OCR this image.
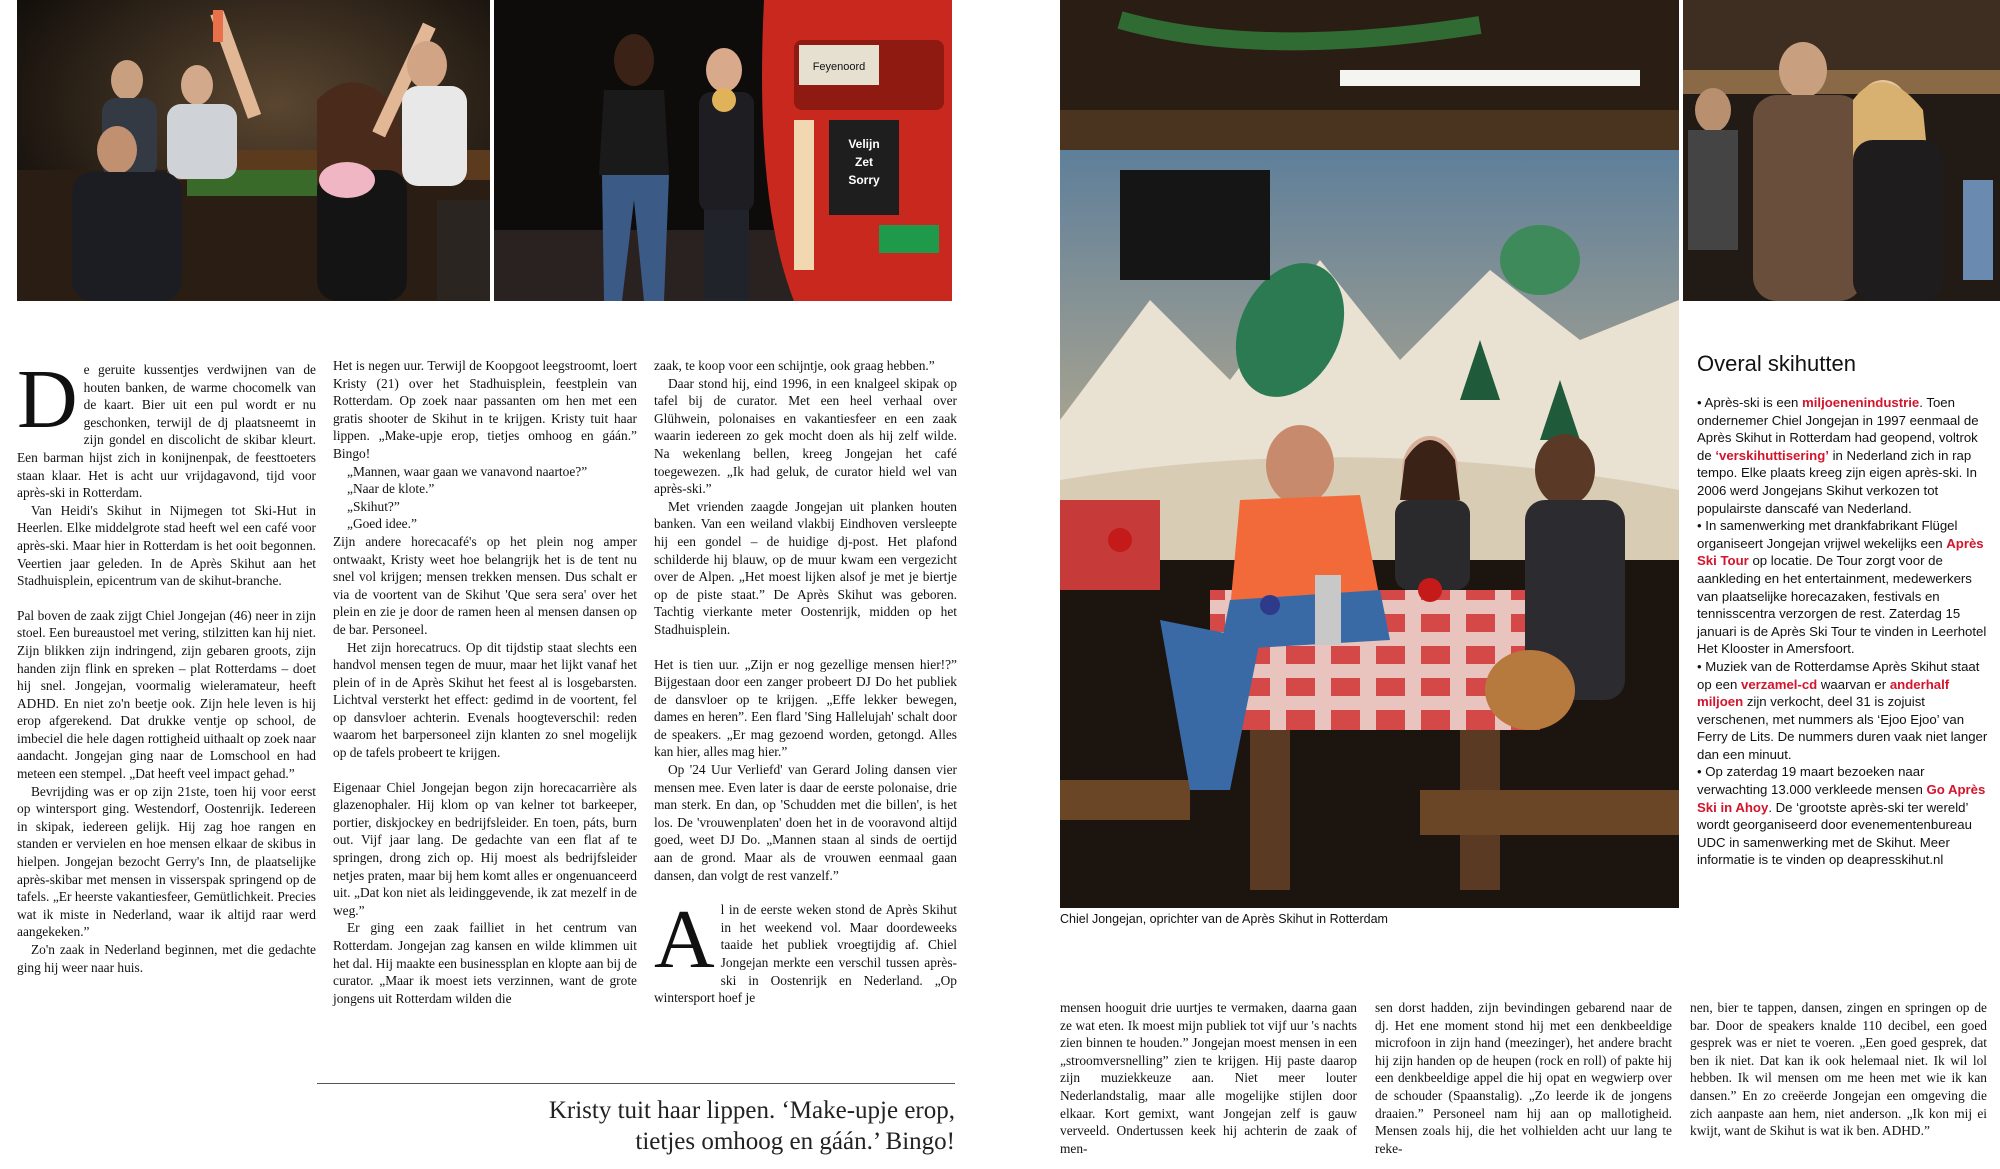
Feyenoord
Velijn
Zet
Sorry

De geruite kussentjes verdwijnen van de houten banken, de warme chocomelk van de kaart. Bier uit een pul wordt er nu geschonken, terwijl de dj plaatsneemt in zijn gondel en discolicht de skibar kleurt. Een barman hijst zich in konijnenpak, de feesttoeters staan klaar. Het is acht uur vrijdagavond, tijd voor après-ski in Rotterdam.

Van Heidi's Skihut in Nijmegen tot Ski-Hut in Heerlen. Elke middelgrote stad heeft wel een café voor après-ski. Maar hier in Rotterdam is het ooit begonnen. Veertien jaar geleden. In de Après Skihut aan het Stadhuisplein, epicentrum van de skihut-branche.

Pal boven de zaak zijgt Chiel Jongejan (46) neer in zijn stoel. Een bureaustoel met vering, stilzitten kan hij niet. Zijn blikken zijn indringend, zijn gebaren groots, zijn handen zijn flink en spreken – plat Rotterdams – doet hij snel. Jongejan, voormalig wieleramateur, heeft ADHD. En niet zo'n beetje ook. Zijn hele leven is hij erop afgerekend. Dat drukke ventje op school, de imbeciel die hele dagen rottigheid uithaalt op zoek naar aandacht. Jongejan ging naar de Lomschool en had meteen een stempel. „Dat heeft veel impact gehad.”

Bevrijding was er op zijn 21ste, toen hij voor eerst op wintersport ging. Westendorf, Oostenrijk. Iedereen in skipak, iedereen gelijk. Hij zag hoe rangen en standen er vervielen en hoe mensen elkaar de skibus in hielpen. Jongejan bezocht Gerry's Inn, de plaatselijke après-skibar met mensen in visserspak springend op de tafels. „Er heerste vakantiesfeer, Gemütlichkeit. Precies wat ik miste in Nederland, waar ik altijd raar werd aangekeken.”

Zo'n zaak in Nederland beginnen, met die gedachte ging hij weer naar huis.

Het is negen uur. Terwijl de Koopgoot leegstroomt, loert Kristy (21) over het Stadhuisplein, feestplein van Rotterdam. Op zoek naar passanten om hen met een gratis shooter de Skihut in te krijgen. Kristy tuit haar lippen. „Make-upje erop, tietjes omhoog en gáán.” Bingo!

„Mannen, waar gaan we vanavond naartoe?”

„Naar de klote.”

„Skihut?”

„Goed idee.”

Zijn andere horecacafé's op het plein nog amper ontwaakt, Kristy weet hoe belangrijk het is de tent nu snel vol krijgen; mensen trekken mensen. Dus schalt er via de voortent van de Skihut 'Que sera sera' over het plein en zie je door de ramen heen al mensen dansen op de bar. Personeel.

Het zijn horecatrucs. Op dit tijdstip staat slechts een handvol mensen tegen de muur, maar het lijkt vanaf het plein of in de Après Skihut het feest al is losgebarsten. Lichtval versterkt het effect: gedimd in de voortent, fel op dansvloer achterin. Evenals hoogteverschil: reden waarom het barpersoneel zijn klanten zo snel mogelijk op de tafels probeert te krijgen.

Eigenaar Chiel Jongejan begon zijn horecacarrière als glazenophaler. Hij klom op van kelner tot barkeeper, portier, diskjockey en bedrijfsleider. En toen, páts, burn out. Vijf jaar lang. De gedachte van een flat af te springen, drong zich op. Hij moest als bedrijfsleider netjes praten, maar bij hem komt alles er ongenuanceerd uit. „Dat kon niet als leidinggevende, ik zat mezelf in de weg.”

Er ging een zaak failliet in het centrum van Rotterdam. Jongejan zag kansen en wilde klimmen uit het dal. Hij maakte een businessplan en klopte aan bij de curator. „Maar ik moest iets verzinnen, want de grote jongens uit Rotterdam wilden die

zaak, te koop voor een schijntje, ook graag hebben.”

Daar stond hij, eind 1996, in een knalgeel skipak op tafel bij de curator. Met een heel verhaal over Glühwein, polonaises en vakantiesfeer en een zaak waarin iedereen zo gek mocht doen als hij zelf wilde. Na wekenlang bellen, kreeg Jongejan het café toegewezen. „Ik had geluk, de curator hield wel van après-ski.”

Met vrienden zaagde Jongejan uit planken houten banken. Van een weiland vlakbij Eindhoven versleepte hij een gondel – de huidige dj-post. Het plafond schilderde hij blauw, op de muur kwam een vergezicht over de Alpen. „Het moest lijken alsof je met je biertje op de piste staat.” De Après Skihut was geboren. Tachtig vierkante meter Oostenrijk, midden op het Stadhuisplein.

Het is tien uur. „Zijn er nog gezellige mensen hier!?” Bijgestaan door een zanger probeert DJ Do het publiek de dansvloer op te krijgen. „Effe lekker bewegen, dames en heren”. Een flard 'Sing Hallelujah' schalt door de speakers. „Er mag gezoend worden, getongd. Alles kan hier, alles mag hier.”

Op '24 Uur Verliefd' van Gerard Joling dansen vier mensen mee. Even later is daar de eerste polonaise, drie man sterk. En dan, op 'Schudden met die billen', is het los. De 'vrouwenplaten' doen het in de vooravond altijd goed, weet DJ Do. „Mannen staan al sinds de oertijd aan de grond. Maar als de vrouwen eenmaal gaan dansen, dan volgt de rest vanzelf.”

Al in de eerste weken stond de Après Skihut in het weekend vol. Maar doordeweeks taaide het publiek vroegtijdig af. Chiel Jongejan merkte een verschil tussen après-ski in Oostenrijk en Nederland. „Op wintersport hoef je

Kristy tuit haar lippen. ‘Make-upje erop,
tietjes omhoog en gáán.’ Bingo!
Chiel Jongejan, oprichter van de Après Skihut in Rotterdam
Overal skihutten

• Après-ski is een miljoenenindustrie. Toen ondernemer Chiel Jongejan in 1997 eenmaal de Après Skihut in Rotterdam had geopend, voltrok de ‘verskihuttisering’ in Nederland zich in rap tempo. Elke plaats kreeg zijn eigen après-ski. In 2006 werd Jongejans Skihut verkozen tot populairste danscafé van Nederland.

• In samenwerking met drankfabrikant Flügel organiseert Jongejan vrijwel wekelijks een Après Ski Tour op locatie. De Tour zorgt voor de aankleding en het entertainment, medewerkers van plaatselijke horecazaken, festivals en tennisscentra verzorgen de rest. Zaterdag 15 januari is de Après Ski Tour te vinden in Leerhotel Het Klooster in Amersfoort.

• Muziek van de Rotterdamse Après Skihut staat op een verzamel-cd waarvan er anderhalf miljoen zijn verkocht, deel 31 is zojuist verschenen, met nummers als ‘Ejoo Ejoo’ van Ferry de Lits. De nummers duren vaak niet langer dan een minuut.

• Op zaterdag 19 maart bezoeken naar verwachting 13.000 verkleede mensen Go Après Ski in Ahoy. De ‘grootste après-ski ter wereld’ wordt georganiseerd door evenementenbureau UDC in samenwerking met de Skihut. Meer informatie is te vinden op deapresskihut.nl

mensen hooguit drie uurtjes te vermaken, daarna gaan ze wat eten. Ik moest mijn publiek tot vijf uur 's nachts zien binnen te houden.” Jongejan moest mensen in een „stroomversnelling” zien te krijgen. Hij paste daarop zijn muziekkeuze aan. Niet meer louter Nederlandstalig, maar alle mogelijke stijlen door elkaar. Kort gemixt, want Jongejan zelf is gauw verveeld. Ondertussen keek hij achterin de zaak of men-

sen dorst hadden, zijn bevindingen gebarend naar de dj. Het ene moment stond hij met een denkbeeldige microfoon in zijn hand (meezinger), het andere bracht hij zijn handen op de heupen (rock en roll) of pakte hij een denkbeeldige appel die hij opat en wegwierp over de schouder (Spaanstalig). „Zo leerde ik de jongens draaien.” Personeel nam hij aan op mallotigheid. Mensen zoals hij, die het volhielden acht uur lang te reke-

nen, bier te tappen, dansen, zingen en springen op de bar. Door de speakers knalde 110 decibel, een goed gesprek was er niet te voeren. „Een goed gesprek, dat ben ik niet. Dat kan ik ook helemaal niet. Ik wil lol hebben. Ik wil mensen om me heen met wie ik kan dansen.” En zo creëerde Jongejan een omgeving die zich aanpaste aan hem, niet anderson. „Ik kon mij ei kwijt, want de Skihut is wat ik ben. ADHD.”
